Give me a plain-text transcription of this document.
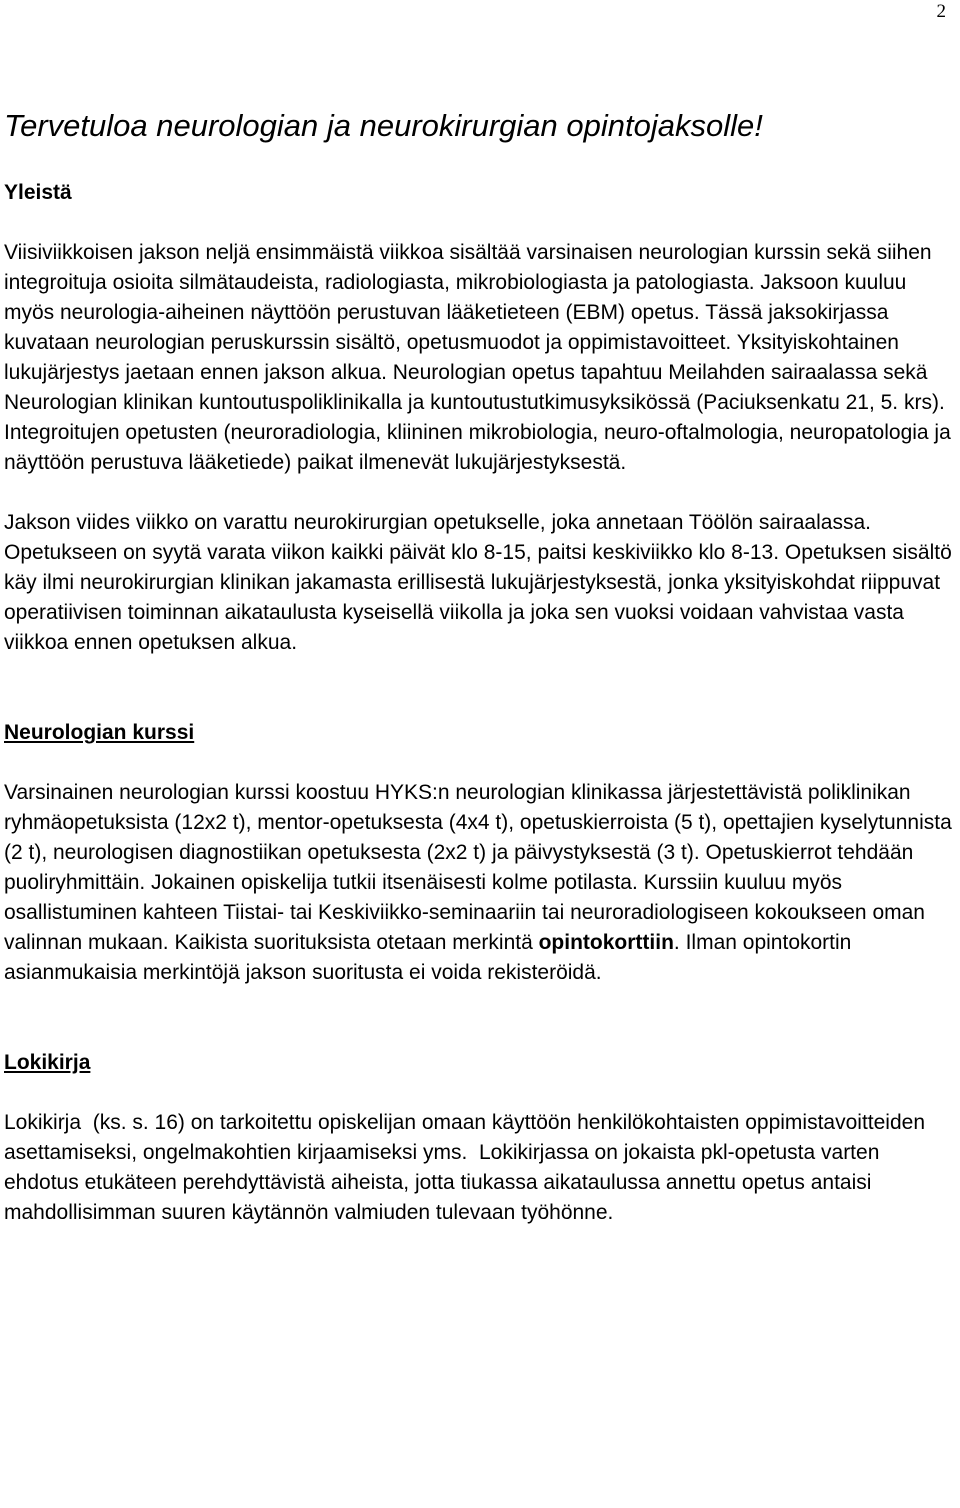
2
Tervetuloa neurologian ja neurokirurgian opintojaksolle!
Yleistä

Viisiviikkoisen jakson neljä ensimmäistä viikkoa sisältää varsinaisen neurologian kurssin sekä siihen integroituja osioita silmätaudeista, radiologiasta, mikrobiologiasta ja patologiasta. Jaksoon kuuluu myös neurologia-aiheinen näyttöön perustuvan lääketieteen (EBM) opetus. Tässä jaksokirjassa kuvataan neurologian peruskurssin sisältö, opetusmuodot ja oppimistavoitteet. Yksityiskohtainen lukujärjestys jaetaan ennen jakson alkua. Neurologian opetus tapahtuu Meilahden sairaalassa sekä Neurologian klinikan kuntoutuspoliklinikalla ja kuntoutustutkimusyksikössä (Paciuksenkatu 21, 5. krs). Integroitujen opetusten (neuroradiologia, kliininen mikrobiologia, neuro-oftalmologia, neuropatologia ja näyttöön perustuva lääketiede) paikat ilmenevät lukujärjestyksestä.

Jakson viides viikko on varattu neurokirurgian opetukselle, joka annetaan Töölön sairaalassa. Opetukseen on syytä varata viikon kaikki päivät klo 8-15, paitsi keskiviikko klo 8-13. Opetuksen sisältö käy ilmi neurokirurgian klinikan jakamasta erillisestä lukujärjestyksestä, jonka yksityiskohdat riippuvat operatiivisen toiminnan aikataulusta kyseisellä viikolla ja joka sen vuoksi voidaan vahvistaa vasta viikkoa ennen opetuksen alkua.

Neurologian kurssi

Varsinainen neurologian kurssi koostuu HYKS:n neurologian klinikassa järjestettävistä poliklinikan ryhmäopetuksista (12x2 t), mentor-opetuksesta (4x4 t), opetuskierroista (5 t), opettajien kyselytunnista (2 t), neurologisen diagnostiikan opetuksesta (2x2 t) ja päivystyksestä (3 t). Opetuskierrot tehdään puoliryhmittäin. Jokainen opiskelija tutkii itsenäisesti kolme potilasta. Kurssiin kuuluu myös osallistuminen kahteen Tiistai- tai Keskiviikko-seminaariin tai neuroradiologiseen kokoukseen oman valinnan mukaan. Kaikista suorituksista otetaan merkintä opintokorttiin. Ilman opintokortin asianmukaisia merkintöjä jakson suoritusta ei voida rekisteröidä.

Lokikirja

Lokikirja  (ks. s. 16) on tarkoitettu opiskelijan omaan käyttöön henkilökohtaisten oppimistavoitteiden asettamiseksi, ongelmakohtien kirjaamiseksi yms.  Lokikirjassa on jokaista pkl-opetusta varten ehdotus etukäteen perehdyttävistä aiheista, jotta tiukassa aikataulussa annettu opetus antaisi mahdollisimman suuren käytännön valmiuden tulevaan työhönne.
